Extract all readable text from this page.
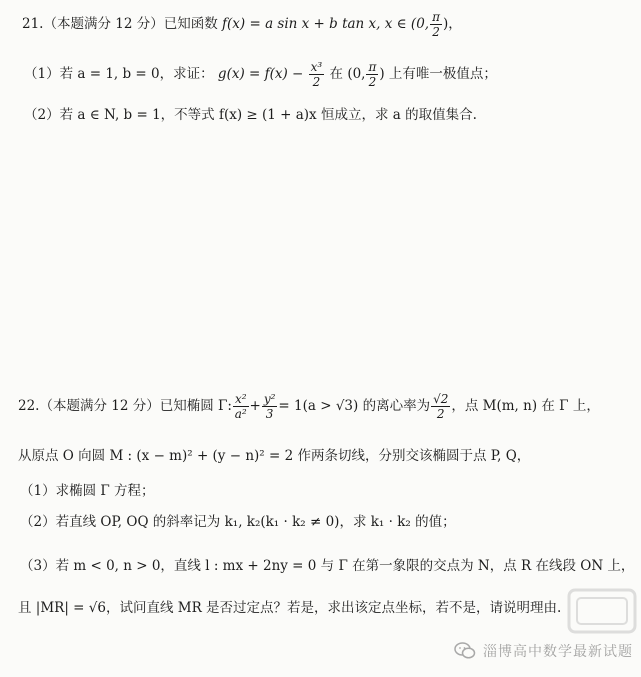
21.（本题满分 12 分）已知函数 f(x) = a sin x + b tan x, x ∈ (0, $\frac{\pi}{2}$ )，
（1）若 a = 1, b = 0，求证： $g(x) = f(x) - \frac{\text{x³}}{2}$ 在 (0, $\frac{\pi}{2}$ ) 上有唯一极值点；
（2）若 a ∈ N, b = 1，不等式 f(x) ≥ (1 + a)x 恒成立，求 a 的取值集合.
22.（本题满分 12 分）已知椭圆 Γ: $\frac{\text{x²}}{\text{a²}} + \frac{\text{y²}}{3} = 1(a > √3)$ 的离心率为 $\frac{√2}{2}$ ，点 M(m, n) 在 Γ 上，
从原点 O 向圆 M : (x − m)² + (y − n)² = 2 作两条切线，分别交该椭圆于点 P, Q，
（1）求椭圆 Γ 方程；
（2）若直线 OP, OQ 的斜率记为 k₁, k₂(k₁ · k₂ ≠ 0)，求 k₁ · k₂ 的值；
（3）若 m < 0, n > 0，直线 l : mx + 2ny = 0 与 Γ 在第一象限的交点为 N，点 R 在线段 ON 上，
且 |MR| = √6，试问直线 MR 是否过定点？若是，求出该定点坐标，若不是，请说明理由.
淄博高中数学最新试题
